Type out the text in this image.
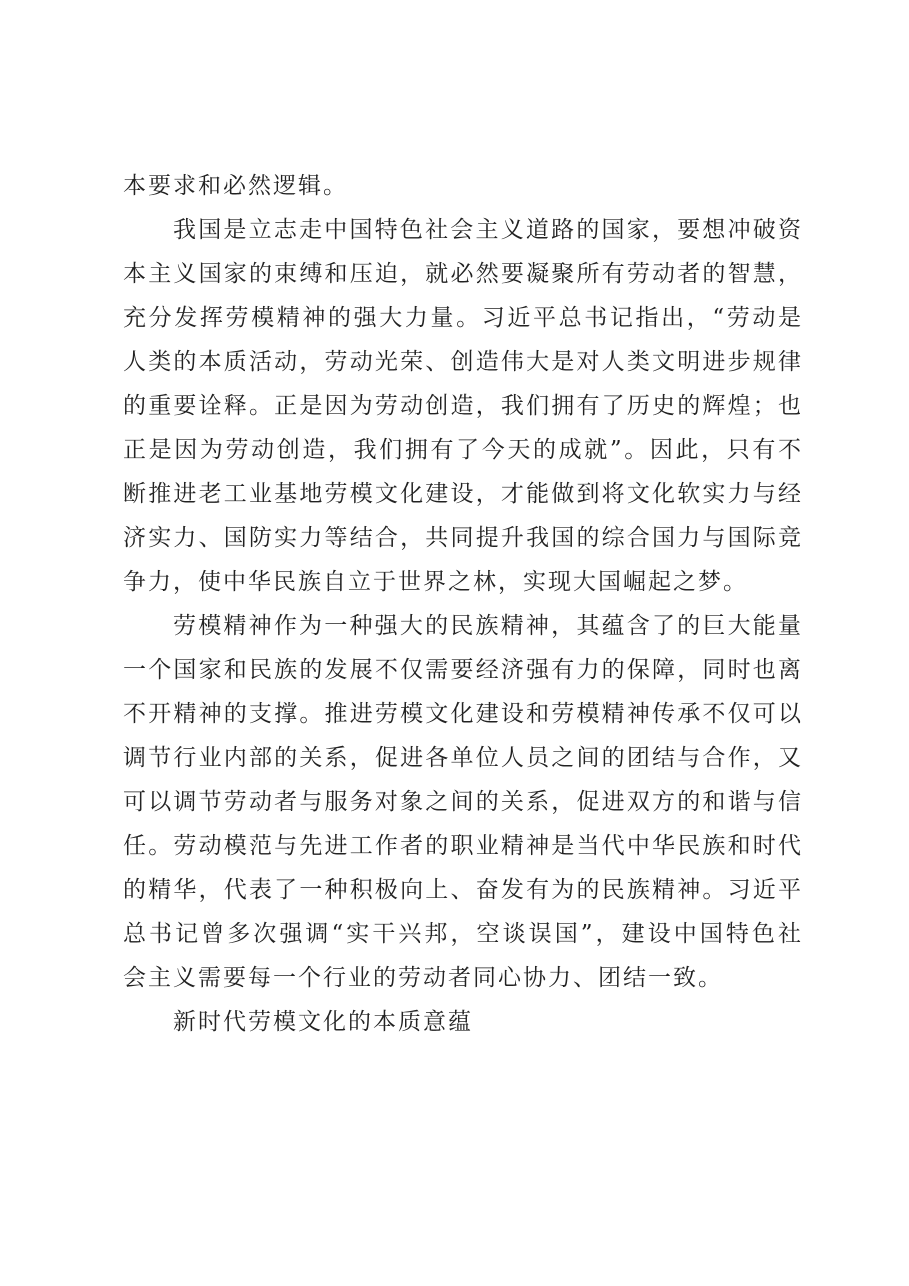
本要求和必然逻辑。
我国是立志走中国特色社会主义道路的国家，要想冲破资
本主义国家的束缚和压迫，就必然要凝聚所有劳动者的智慧，
充分发挥劳模精神的强大力量。习近平总书记指出，“劳动是
人类的本质活动，劳动光荣、创造伟大是对人类文明进步规律
的重要诠释。正是因为劳动创造，我们拥有了历史的辉煌；也
正是因为劳动创造，我们拥有了今天的成就”。因此，只有不
断推进老工业基地劳模文化建设，才能做到将文化软实力与经
济实力、国防实力等结合，共同提升我国的综合国力与国际竞
争力，使中华民族自立于世界之林，实现大国崛起之梦。
劳模精神作为一种强大的民族精神，其蕴含了的巨大能量
一个国家和民族的发展不仅需要经济强有力的保障，同时也离
不开精神的支撑。推进劳模文化建设和劳模精神传承不仅可以
调节行业内部的关系，促进各单位人员之间的团结与合作，又
可以调节劳动者与服务对象之间的关系，促进双方的和谐与信
任。劳动模范与先进工作者的职业精神是当代中华民族和时代
的精华，代表了一种积极向上、奋发有为的民族精神。习近平
总书记曾多次强调“实干兴邦，空谈误国”，建设中国特色社
会主义需要每一个行业的劳动者同心协力、团结一致。
新时代劳模文化的本质意蕴
